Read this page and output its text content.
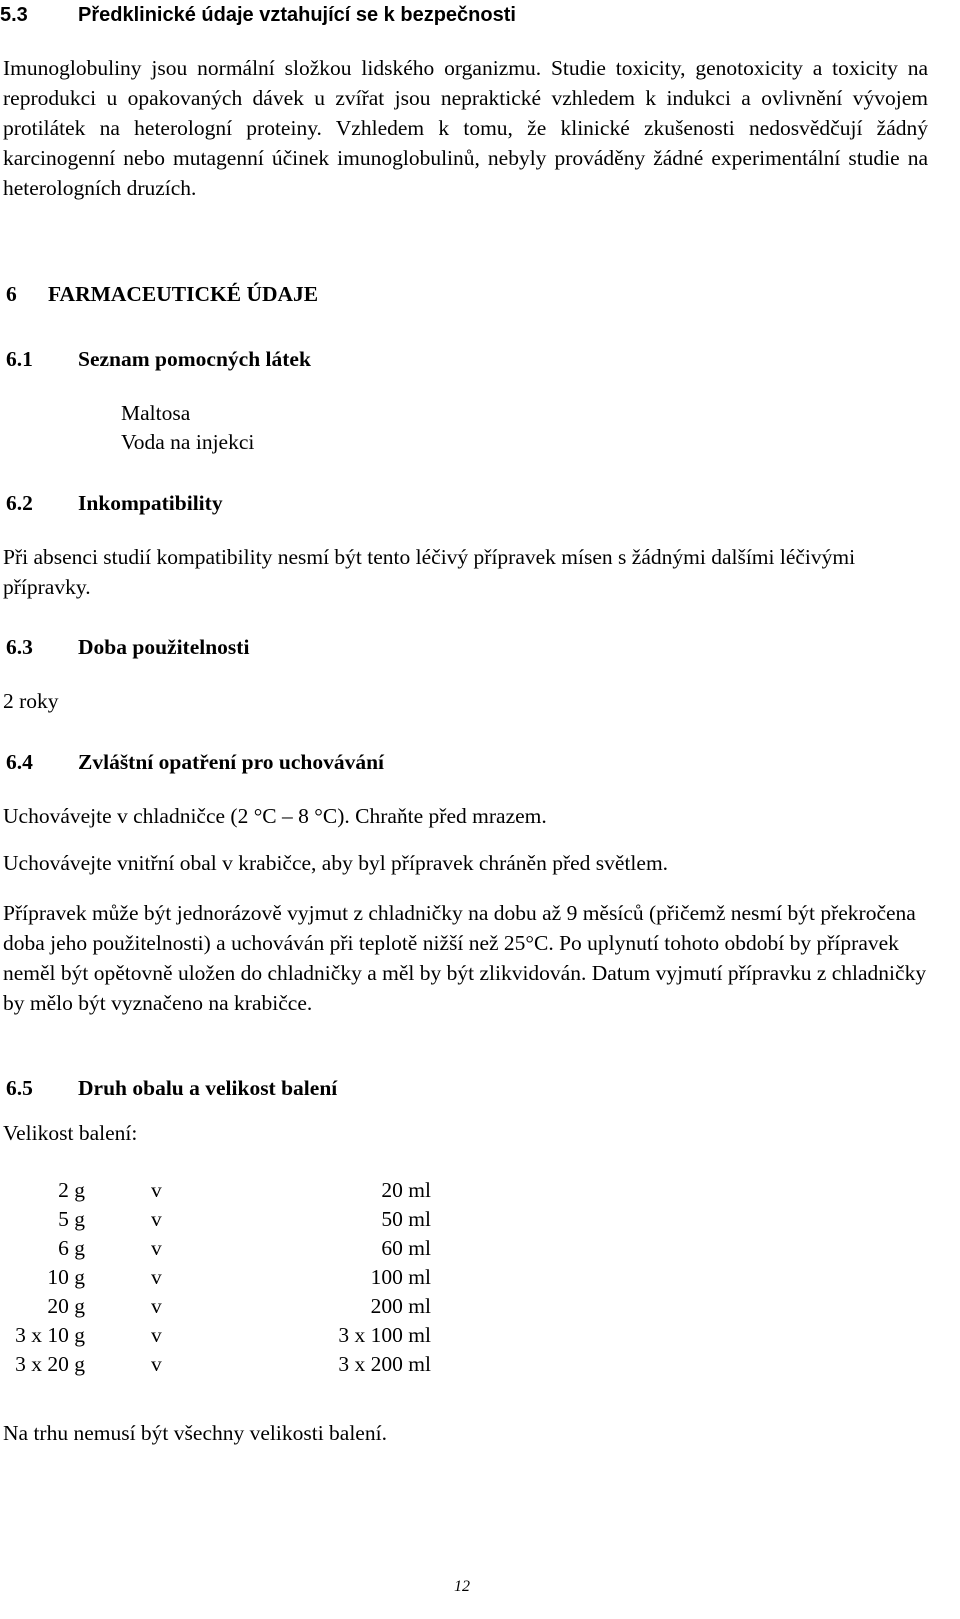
5.3	Předklinické údaje vztahující se k bezpečnosti
Imunoglobuliny jsou normální složkou lidského organizmu. Studie toxicity, genotoxicity a toxicity na reprodukci u opakovaných dávek u zvířat jsou nepraktické vzhledem k indukci a ovlivnění vývojem protilátek na heterologní proteiny. Vzhledem k tomu, že klinické zkušenosti nedosvědčují žádný karcinogenní nebo mutagenní účinek imunoglobulinů, nebyly prováděny žádné experimentální studie na heterologních druzích.
6 FARMACEUTICKÉ ÚDAJE
6.1 Seznam pomocných látek
Maltosa
Voda na injekci
6.2 Inkompatibility
Při absenci studií kompatibility nesmí být tento léčivý přípravek mísen s žádnými dalšími léčivými přípravky.
6.3 Doba použitelnosti
2 roky
6.4 Zvláštní opatření pro uchovávání
Uchovávejte v chladničce (2 °C – 8 °C). Chraňte před mrazem.
Uchovávejte vnitřní obal v krabičce, aby byl přípravek chráněn před světlem.
Přípravek může být jednorázově vyjmut z chladničky na dobu až 9 měsíců (přičemž nesmí být překročena doba jeho použitelnosti) a uchováván při teplotě nižší než 25°C. Po uplynutí tohoto období by přípravek neměl být opětovně uložen do chladničky a měl by být zlikvidován. Datum vyjmutí přípravku z chladničky by mělo být vyznačeno na krabičce.
6.5 Druh obalu a velikost balení
Velikost balení:
2 g	v	20 ml
5 g	v	50 ml
6 g	v	60 ml
10 g	v	100 ml
20 g	v	200 ml
3 x 10 g	v	3 x 100 ml
3 x 20 g	v	3 x 200 ml
Na trhu nemusí být všechny velikosti balení.
12
